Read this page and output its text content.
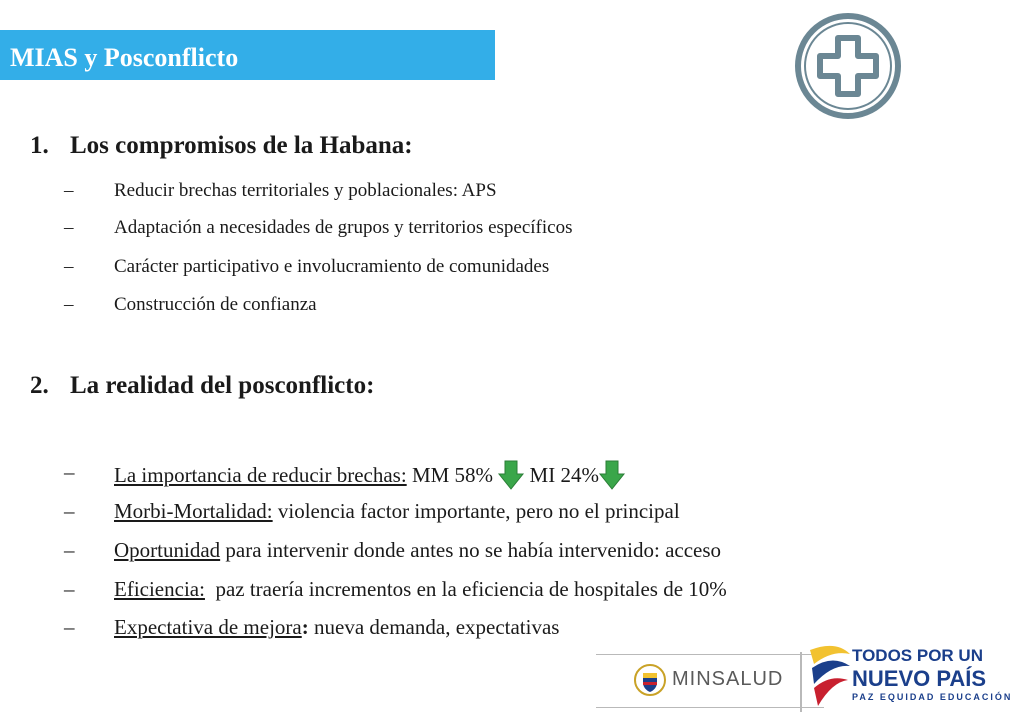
MIAS y Posconflicto
1. Los compromisos de la Habana:
– Reducir brechas territoriales y poblacionales: APS
– Adaptación a necesidades de grupos y territorios específicos
– Carácter participativo e involucramiento de comunidades
– Construcción de confianza
2. La realidad del posconflicto:
– La importancia de reducir brechas: MM 58%  MI 24%
– Morbi-Mortalidad: violencia factor importante, pero no el principal
– Oportunidad para intervenir donde antes no se había intervenido: acceso
– Eficiencia:  paz traería incrementos en la eficiencia de hospitales de 10%
– Expectativa de mejora: nueva demanda, expectativas
MINSALUD
TODOS POR UN
NUEVO PAÍS
PAZ EQUIDAD EDUCACIÓN
